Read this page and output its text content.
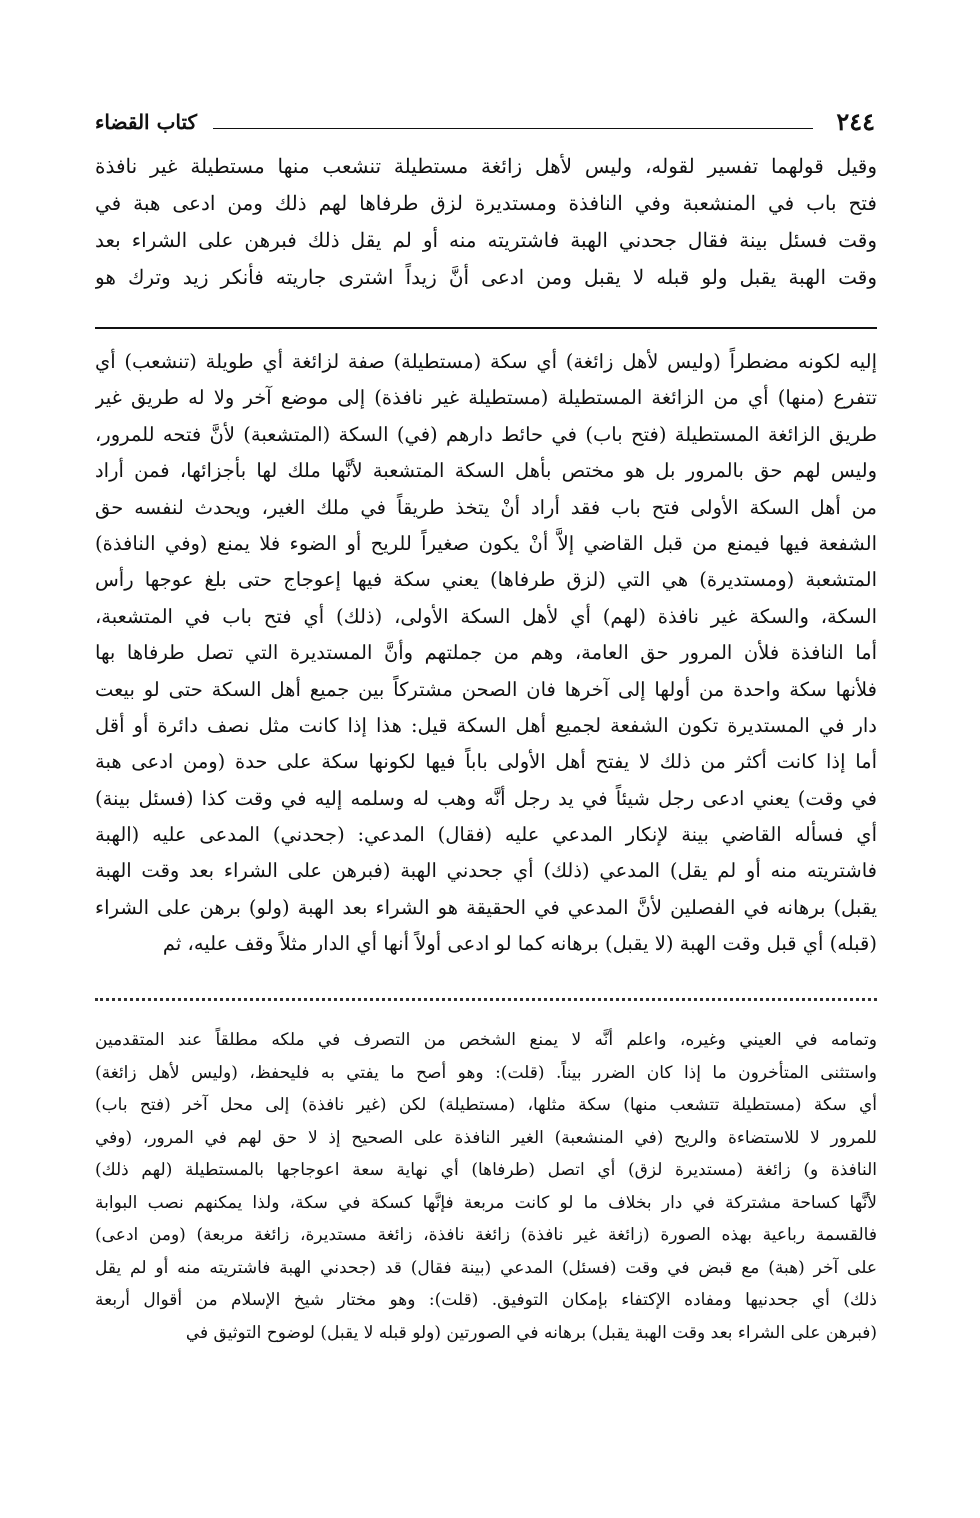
٢٤٤
كتاب القضاء
وقيل قولهما تفسير لقوله، وليس لأهل زائغة مستطيلة تنشعب منها مستطيلة غير نافذة
فتح باب في المنشعبة وفي النافذة ومستديرة لزق طرفاها لهم ذلك ومن ادعى هبة في
وقت فسئل بينة فقال جحدني الهبة فاشتريته منه أو لم يقل ذلك فبرهن على الشراء بعد
وقت الهبة يقبل ولو قبله لا يقبل ومن ادعى أنَّ زيداً اشترى جاريته فأنكر زيد وترك هو
إليه لكونه مضطراً (وليس لأهل زائغة) أي سكة (مستطيلة) صفة لزائغة أي طويلة (تنشعب) أي
تتفرع (منها) أي من الزائغة المستطيلة (مستطيلة غير نافذة) إلى موضع آخر ولا له طريق غير
طريق الزائغة المستطيلة (فتح باب) في حائط دارهم (في) السكة (المتشعبة) لأنَّ فتحه للمرور،
وليس لهم حق بالمرور بل هو مختص بأهل السكة المتشعبة لأنَّها ملك لها بأجزائها، فمن أراد
من أهل السكة الأولى فتح باب فقد أراد أنْ يتخذ طريقاً في ملك الغير، ويحدث لنفسه حق
الشفعة فيها فيمنع من قبل القاضي إلاَّ أنْ يكون صغيراً للريح أو الضوء فلا يمنع (وفي النافذة)
المتشعبة (ومستديرة) هي التي (لزق طرفاها) يعني سكة فيها إعوجاج حتى بلغ عوجها رأس
السكة، والسكة غير نافذة (لهم) أي لأهل السكة الأولى، (ذلك) أي فتح باب في المتشعبة،
أما النافذة فلأن المرور حق العامة، وهم من جملتهم وأنَّ المستديرة التي تصل طرفاها بها
فلأنها سكة واحدة من أولها إلى آخرها فان الصحن مشتركاً بين جميع أهل السكة حتى لو بيعت
دار في المستديرة تكون الشفعة لجميع أهل السكة قيل: هذا إذا كانت مثل نصف دائرة أو أقل
أما إذا كانت أكثر من ذلك لا يفتح أهل الأولى باباً فيها لكونها سكة على حدة (ومن ادعى هبة
في وقت) يعني ادعى رجل شيئاً في يد رجل أنَّه وهب له وسلمه إليه في وقت كذا (فسئل بينة)
أي فسأله القاضي بينة لإنكار المدعي عليه (فقال) المدعي: (جحدني) المدعى عليه (الهبة
فاشتريته منه أو لم يقل) المدعي (ذلك) أي جحدني الهبة (فبرهن على الشراء بعد وقت الهبة
يقبل) برهانه في الفصلين لأنَّ المدعي في الحقيقة هو الشراء بعد الهبة (ولو) برهن على الشراء
(قبله) أي قبل وقت الهبة (لا يقبل) برهانه كما لو ادعى أولاً أنها أي الدار مثلاً وقف عليه، ثم
وتمامه في العيني وغيره، واعلم أنَّه لا يمنع الشخص من التصرف في ملكه مطلقاً عند المتقدمين
واستثنى المتأخرون ما إذا كان الضرر بيناً. (قلت): وهو أصح ما يفتي به فليحفظ، (وليس لأهل زائغة)
أي سكة (مستطيلة تتشعب منها) سكة مثلها، (مستطيلة) لكن (غير نافذة) إلى محل آخر (فتح باب)
للمرور لا للاستضاءة والريح (في المنشعبة) الغير النافذة على الصحيح إذ لا حق لهم في المرور، (وفي
النافذة و) زائغة (مستديرة لزق) أي اتصل (طرفاها) أي نهاية سعة اعوجاجها بالمستطيلة (لهم ذلك)
لأنَّها كساحة مشتركة في دار بخلاف ما لو كانت مربعة فإنَّها كسكة في سكة، ولذا يمكنهم نصب البوابة
فالقسمة رباعية بهذه الصورة (زائغة غير نافذة) زائغة نافذة، زائغة مستديرة، زائغة مربعة) (ومن ادعى)
على آخر (هبة) مع قبض في وقت (فسئل) المدعي (بينة فقال) قد (جحدني الهبة فاشتريته منه أو لم يقل
ذلك) أي جحدنيها ومفاده الإكتفاء بإمكان التوفيق. (قلت): وهو مختار شيخ الإسلام من أقوال أربعة
(فبرهن على الشراء بعد وقت الهبة يقبل) برهانه في الصورتين (ولو قبله لا يقبل) لوضوح التوثيق في
